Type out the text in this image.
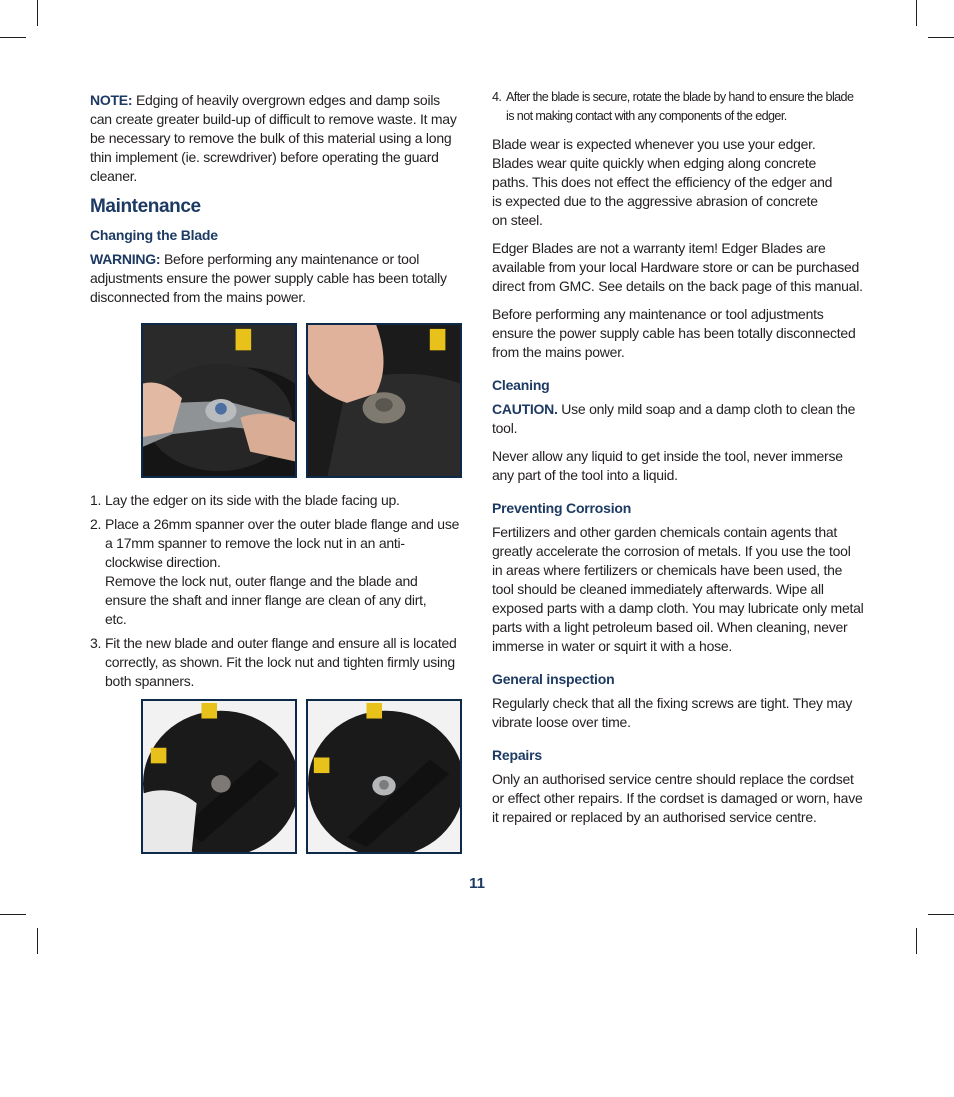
NOTE: Edging of heavily overgrown edges and damp soils can create greater build-up of difficult to remove waste. It may be necessary to remove the bulk of this material using a long thin implement (ie. screwdriver) before operating the guard cleaner.

Maintenance
Changing the Blade

WARNING: Before performing any maintenance or tool adjustments ensure the power supply cable has been totally disconnected from the mains power.

1. Lay the edger on its side with the blade facing up.
2. Place a 26mm spanner over the outer blade flange and use a 17mm spanner to remove the lock nut in an anti-clockwise direction.
Remove the lock nut, outer flange and the blade and ensure the shaft and inner flange are clean of any dirt, etc.
3. Fit the new blade and outer flange and ensure all is located correctly, as shown. Fit the lock nut and tighten firmly using both spanners.
4. After the blade is secure, rotate the blade by hand to ensure the blade is not making contact with any components of the edger.

Blade wear is expected whenever you use your edger. Blades wear quite quickly when edging along concrete paths. This does not effect the efficiency of the edger and is expected due to the aggressive abrasion of concrete on steel.

Edger Blades are not a warranty item! Edger Blades are available from your local Hardware store or can be purchased direct from GMC. See details on the back page of this manual.

Before performing any maintenance or tool adjustments ensure the power supply cable has been totally disconnected from the mains power.

Cleaning

CAUTION. Use only mild soap and a damp cloth to clean the tool.

Never allow any liquid to get inside the tool, never immerse any part of the tool into a liquid.

Preventing Corrosion

Fertilizers and other garden chemicals contain agents that greatly accelerate the corrosion of metals. If you use the tool in areas where fertilizers or chemicals have been used, the tool should be cleaned immediately afterwards. Wipe all exposed parts with a damp cloth. You may lubricate only metal parts with a light petroleum based oil. When cleaning, never immerse in water or squirt it with a hose.

General inspection

Regularly check that all the fixing screws are tight. They may vibrate loose over time.

Repairs

Only an authorised service centre should replace the cordset or effect other repairs. If the cordset is damaged or worn, have it repaired or replaced by an authorised service centre.

11
